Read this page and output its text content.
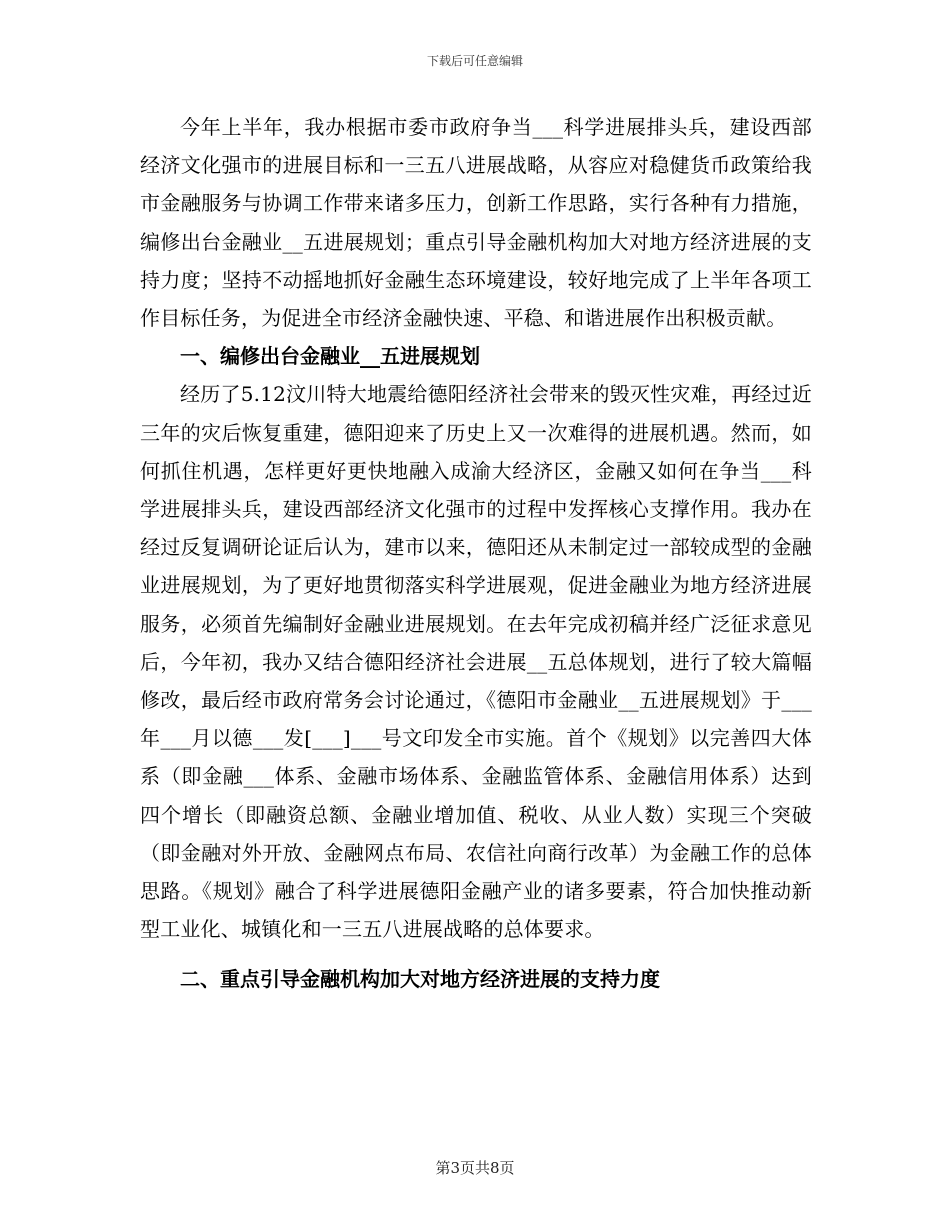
下载后可任意编辑

今年上半年，我办根据市委市政府争当___科学进展排头兵，建设西部经济文化强市的进展目标和一三五八进展战略，从容应对稳健货币政策给我市金融服务与协调工作带来诸多压力，创新工作思路，实行各种有力措施，编修出台金融业__五进展规划；重点引导金融机构加大对地方经济进展的支持力度；坚持不动摇地抓好金融生态环境建设，较好地完成了上半年各项工作目标任务，为促进全市经济金融快速、平稳、和谐进展作出积极贡献。

一、编修出台金融业__五进展规划

经历了5.12汶川特大地震给德阳经济社会带来的毁灭性灾难，再经过近三年的灾后恢复重建，德阳迎来了历史上又一次难得的进展机遇。然而，如何抓住机遇，怎样更好更快地融入成渝大经济区，金融又如何在争当___科学进展排头兵，建设西部经济文化强市的过程中发挥核心支撑作用。我办在经过反复调研论证后认为，建市以来，德阳还从未制定过一部较成型的金融业进展规划，为了更好地贯彻落实科学进展观，促进金融业为地方经济进展服务，必须首先编制好金融业进展规划。在去年完成初稿并经广泛征求意见后，今年初，我办又结合德阳经济社会进展__五总体规划，进行了较大篇幅修改，最后经市政府常务会讨论通过，《德阳市金融业__五进展规划》于___年___月以德___发[___]___号文印发全市实施。首个《规划》以完善四大体系（即金融___体系、金融市场体系、金融监管体系、金融信用体系）达到四个增长（即融资总额、金融业增加值、税收、从业人数）实现三个突破（即金融对外开放、金融网点布局、农信社向商行改革）为金融工作的总体思路。《规划》融合了科学进展德阳金融产业的诸多要素，符合加快推动新型工业化、城镇化和一三五八进展战略的总体要求。

二、重点引导金融机构加大对地方经济进展的支持力度

第3页共8页
